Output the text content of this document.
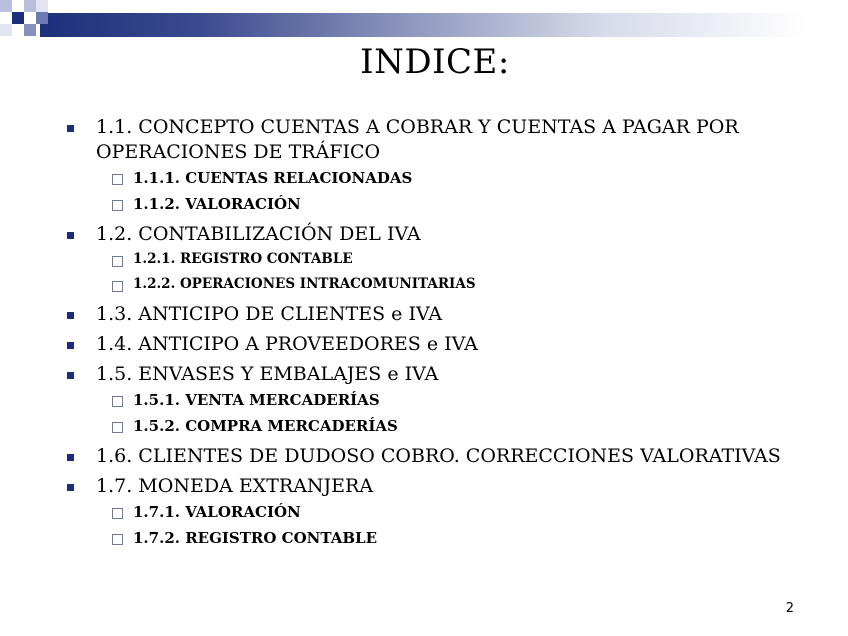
INDICE:
1.1. CONCEPTO CUENTAS A COBRAR Y CUENTAS A PAGAR POR OPERACIONES DE TRÁFICO
1.1.1. CUENTAS RELACIONADAS
1.1.2. VALORACIÓN
1.2. CONTABILIZACIÓN DEL IVA
1.2.1. REGISTRO CONTABLE
1.2.2. OPERACIONES INTRACOMUNITARIAS
1.3. ANTICIPO DE CLIENTES e IVA
1.4. ANTICIPO A PROVEEDORES e IVA
1.5. ENVASES Y EMBALAJES e IVA
1.5.1. VENTA MERCADERÍAS
1.5.2. COMPRA MERCADERÍAS
1.6. CLIENTES DE DUDOSO COBRO. CORRECCIONES VALORATIVAS
1.7. MONEDA EXTRANJERA
1.7.1. VALORACIÓN
1.7.2. REGISTRO CONTABLE
2
